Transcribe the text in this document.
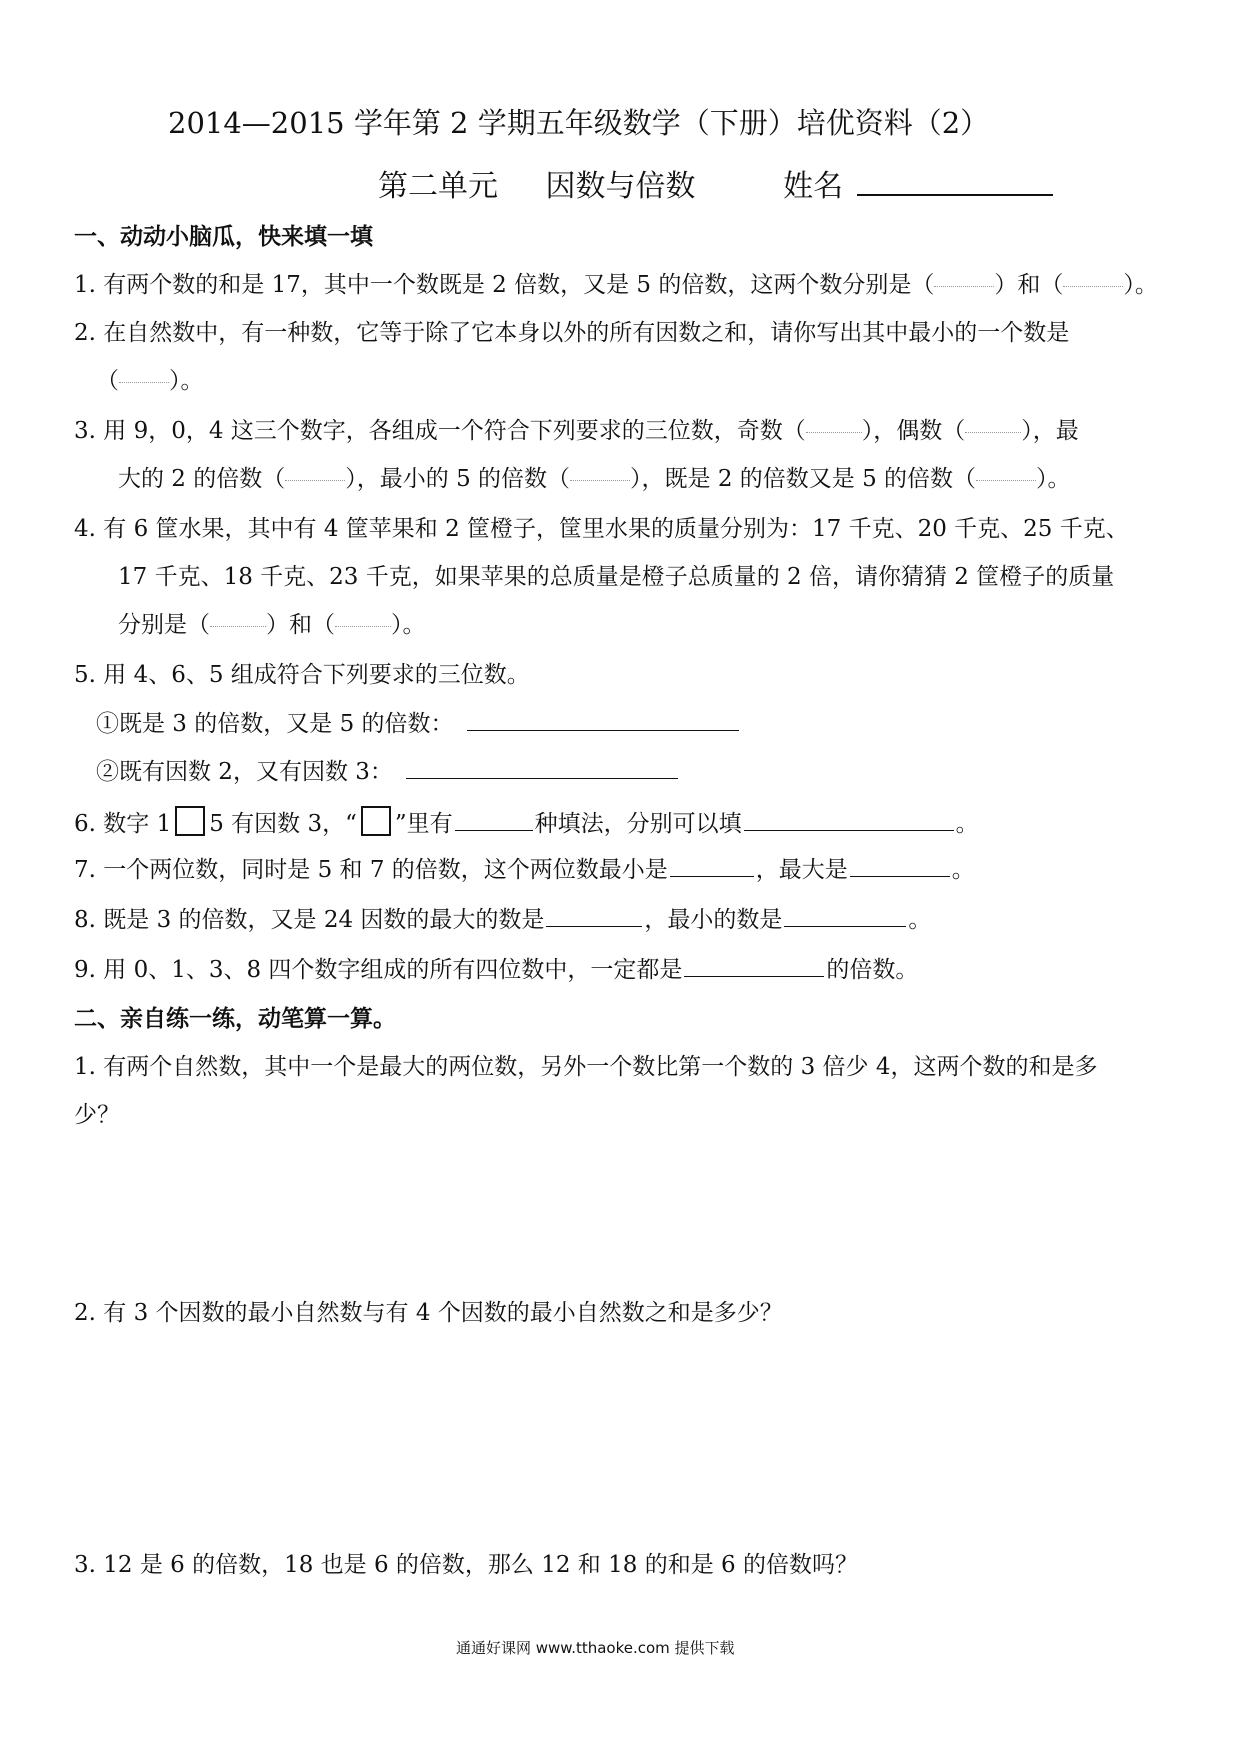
2014—2015 学年第 2 学期五年级数学（下册）培优资料（2）
第二单元 因数与倍数	姓名
一、动动小脑瓜，快来填一填
1. 有两个数的和是 17，其中一个数既是 2 倍数，又是 5 的倍数，这两个数分别是（	）和（	）。
2. 在自然数中，有一种数，它等于除了它本身以外的所有因数之和，请你写出其中最小的一个数是
（ ）。
3. 用 9，0，4 这三个数字，各组成一个符合下列要求的三位数，奇数（ ），偶数（ ），最
大的 2 的倍数（	），最小的 5 的倍数（	），既是 2 的倍数又是 5 的倍数（	）。
4. 有 6 筐水果，其中有 4 筐苹果和 2 筐橙子，筐里水果的质量分别为：17 千克、20 千克、25 千克、
17 千克、18 千克、23 千克，如果苹果的总质量是橙子总质量的 2 倍，请你猜猜 2 筐橙子的质量
分别是（ ）和（ ）。
5. 用 4、6、5 组成符合下列要求的三位数。
①既是 3 的倍数，又是 5 的倍数：
②既有因数 2，又有因数 3：
6. 数字 1 5 有因数 3，“ ”里有	种填法，分别可以填	。
7. 一个两位数，同时是 5 和 7 的倍数，这个两位数最小是	，最大是	。
8. 既是 3 的倍数，又是 24 因数的最大的数是	，最小的数是	。
9. 用 0、1、3、8 四个数字组成的所有四位数中，一定都是	的倍数。
二、亲自练一练，动笔算一算。
1. 有两个自然数，其中一个是最大的两位数，另外一个数比第一个数的 3 倍少 4，这两个数的和是多
少？
2. 有 3 个因数的最小自然数与有 4 个因数的最小自然数之和是多少？
3. 12 是 6 的倍数，18 也是 6 的倍数，那么 12 和 18 的和是 6 的倍数吗？
通通好课网 www.tthaoke.com 提供下载
